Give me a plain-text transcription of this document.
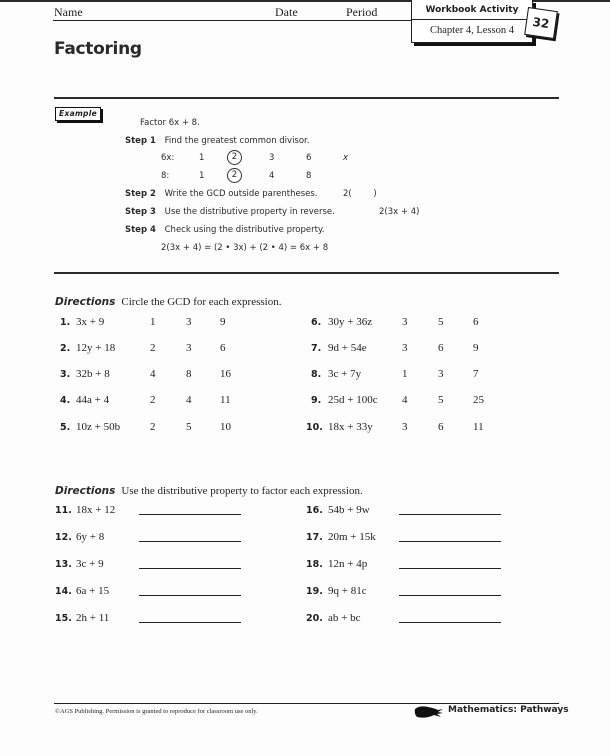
Name	Date	Period	Workbook Activity
Chapter 4, Lesson 4	32
Factoring
Example
Factor 6x + 8.
Step 1 Find the greatest common divisor.
6x:	1	2	3	6	x
8:	1	2	4	8
Step 2 Write the GCD outside parentheses.	2(        )
Step 3 Use the distributive property in reverse.	2(3x + 4)
Step 4 Check using the distributive property.
2(3x + 4) = (2 • 3x) + (2 • 4) = 6x + 8
Directions Circle the GCD for each expression.
1. 3x + 9	1	3	9
2. 12y + 18	2	3	6
3. 32b + 8	4	8	16
4. 44a + 4	2	4	11
5. 10z + 50b	2	5	10
6. 30y + 36z	3	5	6
7. 9d + 54e	3	6	9
8. 3c + 7y	1	3	7
9. 25d + 100c 4	5	25
10. 18x + 33y	3	6	11
Directions Use the distributive property to factor each expression.
11. 18x + 12
12. 6y + 8
13. 3c + 9
14. 6a + 15
15. 2h + 11
16. 54b + 9w
17. 20m + 15k
18. 12n + 4p
19. 9q + 81c
20. ab + bc
©AGS Publishing. Permission is granted to reproduce for classroom use only.	Mathematics: Pathways
